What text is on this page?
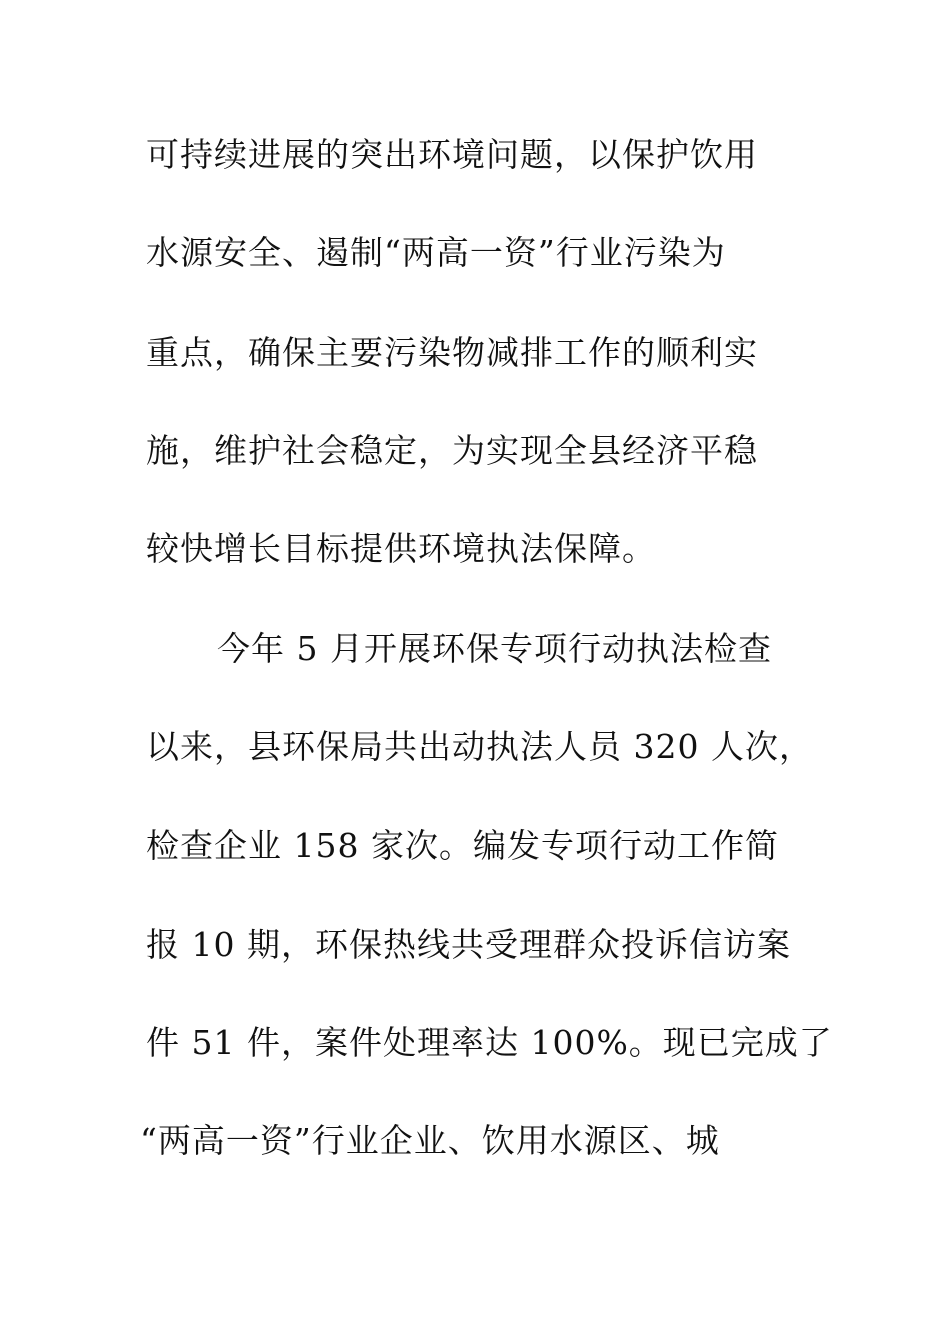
可持续进展的突出环境问题，以保护饮用
水源安全、遏制“两高一资”行业污染为
重点，确保主要污染物减排工作的顺利实
施，维护社会稳定，为实现全县经济平稳
较快增长目标提供环境执法保障。
今年 5 月开展环保专项行动执法检查
以来，县环保局共出动执法人员 320 人次，
检查企业 158 家次。编发专项行动工作简
报 10 期，环保热线共受理群众投诉信访案
件 51 件，案件处理率达 100%。现已完成了
“两高一资”行业企业、饮用水源区、城
